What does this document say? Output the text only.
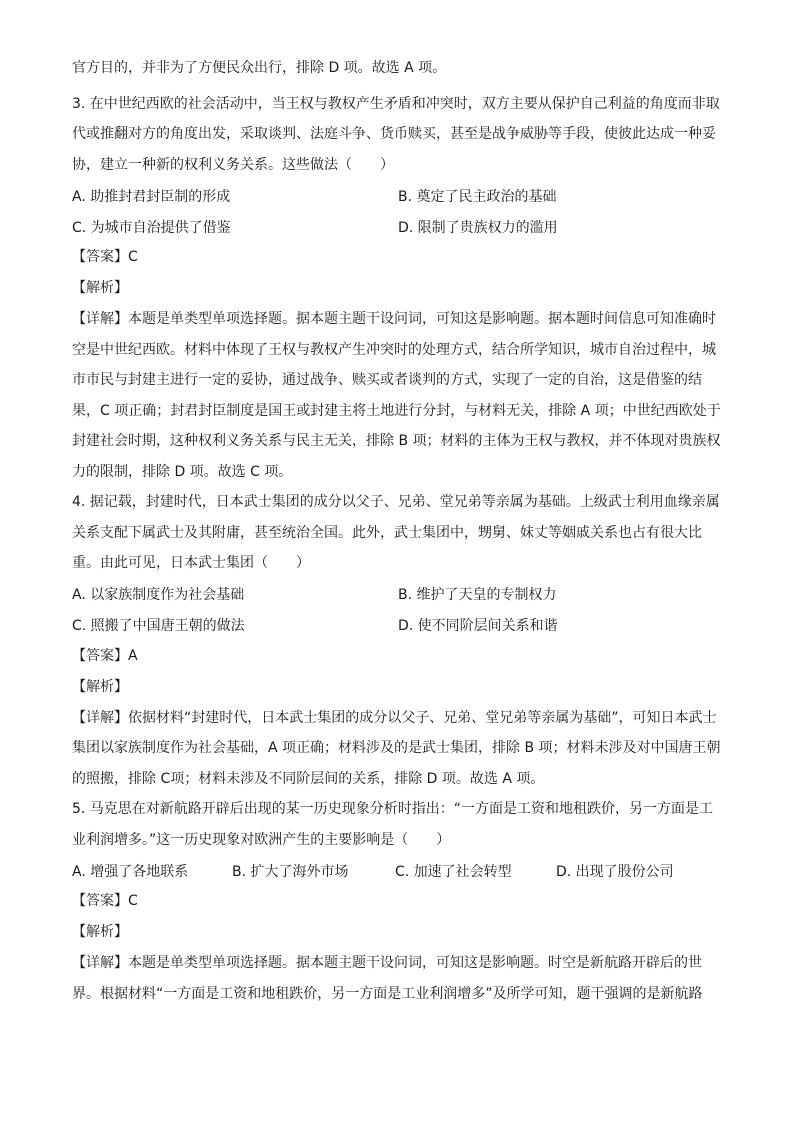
官方目的，并非为了方便民众出行，排除 D 项。故选 A 项。

3. 在中世纪西欧的社会活动中，当王权与教权产生矛盾和冲突时，双方主要从保护自己利益的角度而非取代或推翻对方的角度出发，采取谈判、法庭斗争、货币赎买，甚至是战争威胁等手段，使彼此达成一种妥协，建立一种新的权利义务关系。这些做法（　　）

A. 助推封君封臣制的形成	B. 奠定了民主政治的基础
C. 为城市自治提供了借鉴	D. 限制了贵族权力的滥用
【答案】C
【解析】

【详解】本题是单类型单项选择题。据本题主题干设问词，可知这是影响题。据本题时间信息可知准确时空是中世纪西欧。材料中体现了王权与教权产生冲突时的处理方式，结合所学知识，城市自治过程中，城市市民与封建主进行一定的妥协，通过战争、赎买或者谈判的方式，实现了一定的自治，这是借鉴的结果，C 项正确；封君封臣制度是国王或封建主将土地进行分封，与材料无关，排除 A 项；中世纪西欧处于封建社会时期，这种权利义务关系与民主无关，排除 B 项；材料的主体为王权与教权，并不体现对贵族权力的限制，排除 D 项。故选 C 项。

4. 据记载，封建时代，日本武士集团的成分以父子、兄弟、堂兄弟等亲属为基础。上级武士利用血缘亲属关系支配下属武士及其附庸，甚至统治全国。此外，武士集团中，甥舅、妹丈等姻戚关系也占有很大比重。由此可见，日本武士集团（　　）

A. 以家族制度作为社会基础	B. 维护了天皇的专制权力
C. 照搬了中国唐王朝的做法	D. 使不同阶层间关系和谐
【答案】A
【解析】

【详解】依据材料“封建时代，日本武士集团的成分以父子、兄弟、堂兄弟等亲属为基础”，可知日本武士集团以家族制度作为社会基础，A 项正确；材料涉及的是武士集团，排除 B 项；材料未涉及对中国唐王朝的照搬，排除 C项；材料未涉及不同阶层间的关系，排除 D 项。故选 A 项。

5. 马克思在对新航路开辟后出现的某一历史现象分析时指出：“一方面是工资和地租跌价，另一方面是工业利润增多。”这一历史现象对欧洲产生的主要影响是（　　）

A. 增强了各地联系	B. 扩大了海外市场	C. 加速了社会转型	D. 出现了股份公司
【答案】C
【解析】

【详解】本题是单类型单项选择题。据本题主题干设问词，可知这是影响题。时空是新航路开辟后的世界。根据材料“一方面是工资和地租跌价，另一方面是工业利润增多”及所学可知，题干强调的是新航路
